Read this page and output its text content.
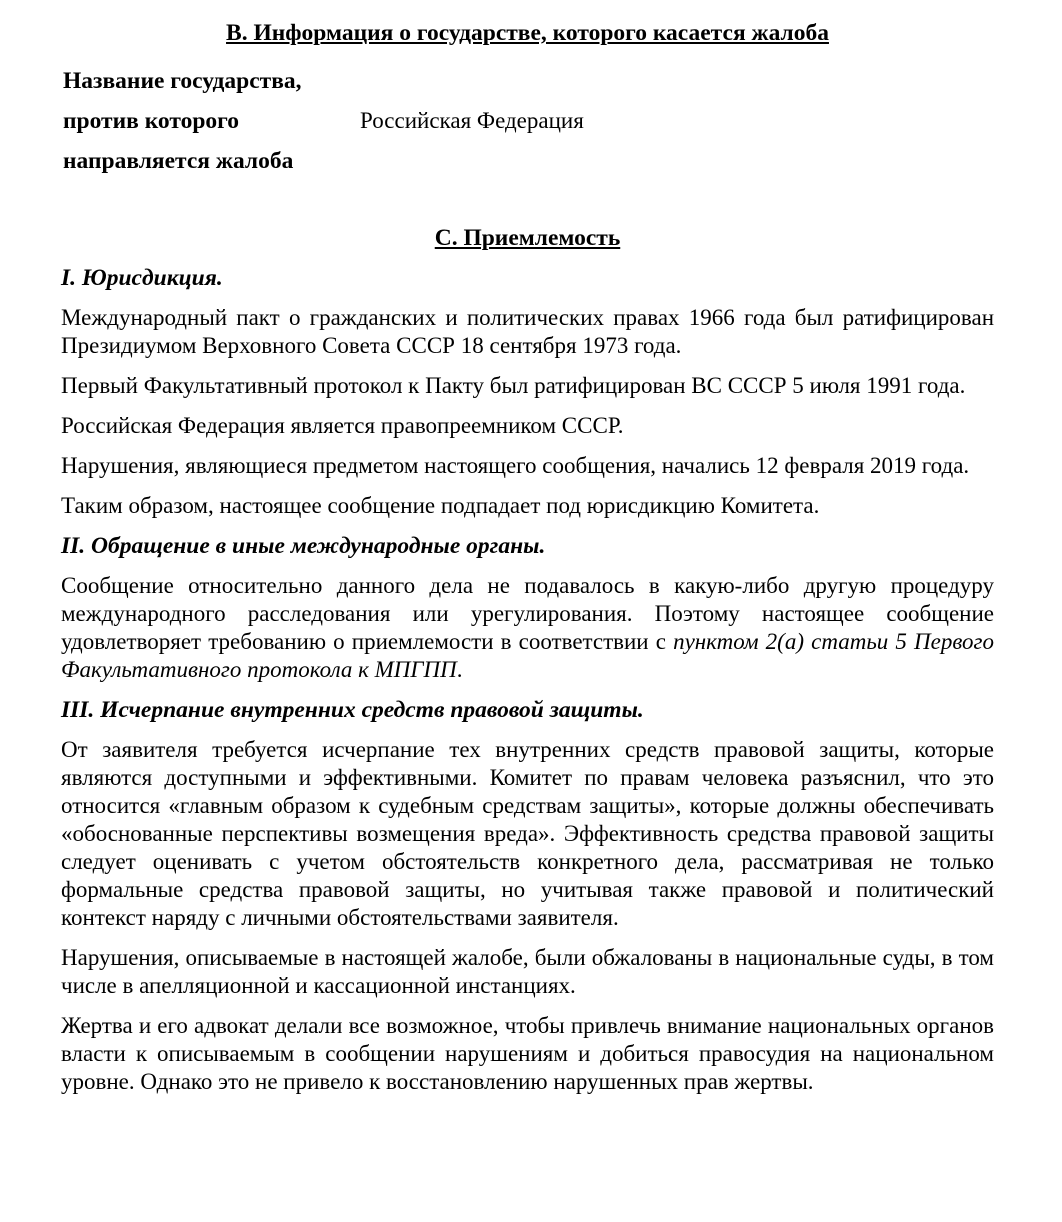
В. Информация о государстве, которого касается жалоба
Название государства,
против которого
направляется жалоба
Российская Федерация
С. Приемлемость
I. Юрисдикция.

Международный пакт о гражданских и политических правах 1966 года был ратифицирован Президиумом Верховного Совета СССР 18 сентября 1973 года.

Первый Факультативный протокол к Пакту был ратифицирован ВС СССР 5 июля 1991 года.

Российская Федерация является правопреемником СССР.

Нарушения, являющиеся предметом настоящего сообщения, начались 12 февраля 2019 года.

Таким образом, настоящее сообщение подпадает под юрисдикцию Комитета.

II. Обращение в иные международные органы.

Сообщение относительно данного дела не подавалось в какую-либо другую процедуру международного расследования или урегулирования. Поэтому настоящее сообщение удовлетворяет требованию о приемлемости в соответствии с пунктом 2(а) статьи 5 Первого Факультативного протокола к МПГПП.

III. Исчерпание внутренних средств правовой защиты.

От заявителя требуется исчерпание тех внутренних средств правовой защиты, которые являются доступными и эффективными. Комитет по правам человека разъяснил, что это относится «главным образом к судебным средствам защиты», которые должны обеспечивать «обоснованные перспективы возмещения вреда». Эффективность средства правовой защиты следует оценивать с учетом обстоятельств конкретного дела, рассматривая не только формальные средства правовой защиты, но учитывая также правовой и политический контекст наряду с личными обстоятельствами заявителя.

Нарушения, описываемые в настоящей жалобе, были обжалованы в национальные суды, в том числе в апелляционной и кассационной инстанциях.

Жертва и его адвокат делали все возможное, чтобы привлечь внимание национальных органов власти к описываемым в сообщении нарушениям и добиться правосудия на национальном уровне. Однако это не привело к восстановлению нарушенных прав жертвы.
